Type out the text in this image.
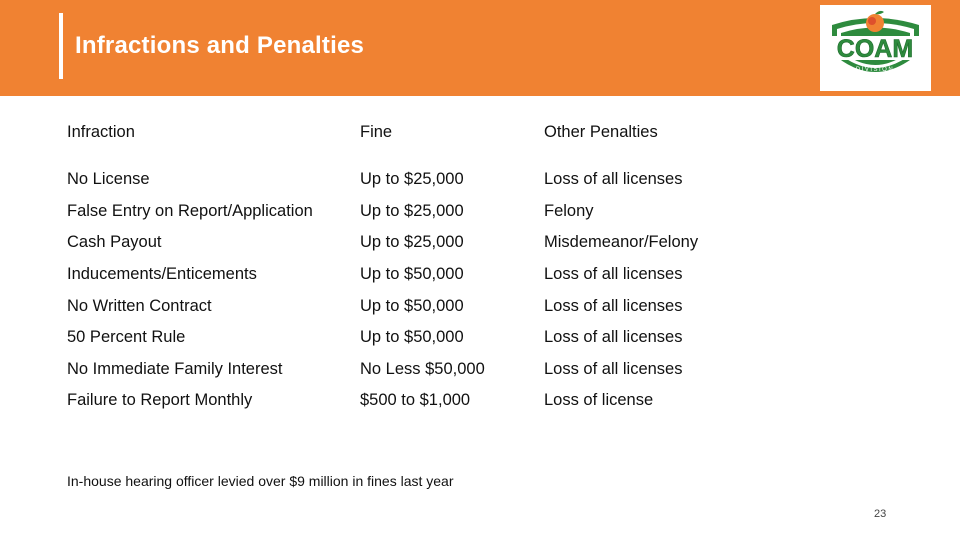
Infractions and Penalties	COAM
DIVISION
Infraction	Fine	Other Penalties

No License	Up to $25,000	Loss of all licenses
False Entry on Report/Application	Up to $25,000	Felony
Cash Payout	Up to $25,000	Misdemeanor/Felony
Inducements/Enticements	Up to $50,000	Loss of all licenses
No Written Contract	Up to $50,000	Loss of all licenses
50 Percent Rule	Up to $50,000	Loss of all licenses
No Immediate Family Interest	No Less $50,000	Loss of all licenses
Failure to Report Monthly	$500 to $1,000	Loss of license
In-house hearing officer levied over $9 million in fines last year
23
